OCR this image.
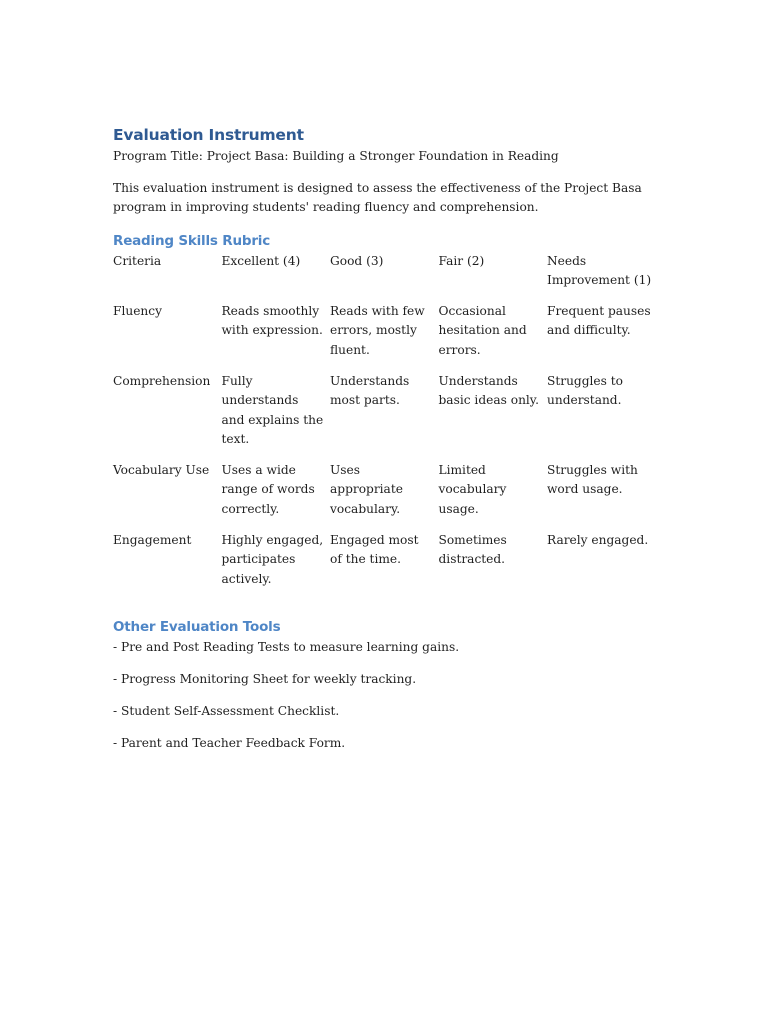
Evaluation Instrument

Program Title: Project Basa: Building a Stronger Foundation in Reading

This evaluation instrument is designed to assess the effectiveness of the Project Basa program in improving students' reading fluency and comprehension.

Reading Skills Rubric
Criteria	Excellent (4)	Good (3)	Fair (2)	Needs Improvement (1)
Fluency	Reads smoothly with expression.	Reads with few errors, mostly fluent.	Occasional hesitation and errors.	Frequent pauses and difficulty.
Comprehension	Fully understands and explains the text.	Understands most parts.	Understands basic ideas only.	Struggles to understand.
Vocabulary Use	Uses a wide range of words correctly.	Uses appropriate vocabulary.	Limited vocabulary usage.	Struggles with word usage.
Engagement	Highly engaged, participates actively.	Engaged most of the time.	Sometimes distracted.	Rarely engaged.
Other Evaluation Tools
- Pre and Post Reading Tests to measure learning gains.
- Progress Monitoring Sheet for weekly tracking.
- Student Self-Assessment Checklist.
- Parent and Teacher Feedback Form.
